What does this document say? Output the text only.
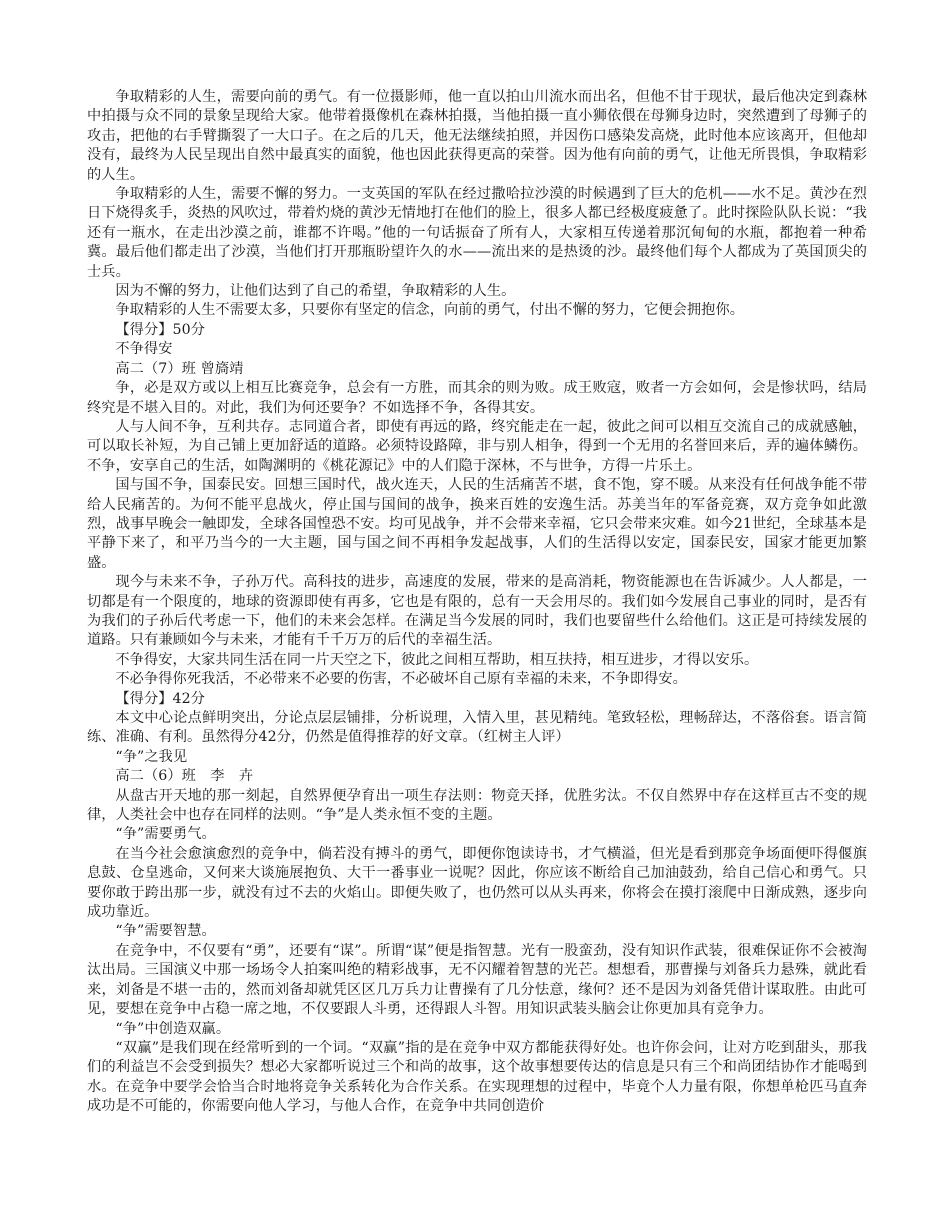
争取精彩的人生，需要向前的勇气。有一位摄影师，他一直以拍山川流水而出名，但他不甘于现状，最后他决定到森林中拍摄与众不同的景象呈现给大家。他带着摄像机在森林拍摄，当他拍摄一直小狮依偎在母狮身边时，突然遭到了母狮子的攻击，把他的右手臂撕裂了一大口子。在之后的几天，他无法继续拍照，并因伤口感染发高烧，此时他本应该离开，但他却没有，最终为人民呈现出自然中最真实的面貌，他也因此获得更高的荣誉。因为他有向前的勇气，让他无所畏惧，争取精彩的人生。

争取精彩的人生，需要不懈的努力。一支英国的军队在经过撒哈拉沙漠的时候遇到了巨大的危机——水不足。黄沙在烈日下烧得炙手，炎热的风吹过，带着灼烧的黄沙无情地打在他们的脸上，很多人都已经极度疲惫了。此时探险队队长说：“我还有一瓶水，在走出沙漠之前，谁都不许喝。”他的一句话振奋了所有人，大家相互传递着那沉甸甸的水瓶，都抱着一种希冀。最后他们都走出了沙漠，当他们打开那瓶盼望许久的水——流出来的是热烫的沙。最终他们每个人都成为了英国顶尖的士兵。

因为不懈的努力，让他们达到了自己的希望，争取精彩的人生。

争取精彩的人生不需要太多，只要你有坚定的信念，向前的勇气，付出不懈的努力，它便会拥抱你。

【得分】50分

不争得安

高二（7）班 曾旖靖

争，必是双方或以上相互比赛竞争，总会有一方胜，而其余的则为败。成王败寇，败者一方会如何，会是惨状吗，结局终究是不堪入目的。对此，我们为何还要争？不如选择不争，各得其安。

人与人间不争，互利共存。志同道合者，即使有再远的路，终究能走在一起，彼此之间可以相互交流自己的成就感触，可以取长补短，为自己铺上更加舒适的道路。必须特设路障，非与别人相争，得到一个无用的名誉回来后，弄的遍体鳞伤。不争，安享自己的生活，如陶渊明的《桃花源记》中的人们隐于深林，不与世争，方得一片乐土。

国与国不争，国泰民安。回想三国时代，战火连天，人民的生活痛苦不堪，食不饱，穿不暖。从来没有任何战争能不带给人民痛苦的。为何不能平息战火，停止国与国间的战争，换来百姓的安逸生活。苏美当年的军备竞赛，双方竞争如此激烈，战事早晚会一触即发，全球各国惶恐不安。均可见战争，并不会带来幸福，它只会带来灾难。如今21世纪，全球基本是平静下来了，和平乃当今的一大主题，国与国之间不再相争发起战事，人们的生活得以安定，国泰民安，国家才能更加繁盛。

现今与未来不争，子孙万代。高科技的进步，高速度的发展，带来的是高消耗，物资能源也在告诉减少。人人都是，一切都是有一个限度的，地球的资源即使有再多，它也是有限的，总有一天会用尽的。我们如今发展自己事业的同时，是否有为我们的子孙后代考虑一下，他们的未来会怎样。在满足当今发展的同时，我们也要留些什么给他们。这正是可持续发展的道路。只有兼顾如今与未来，才能有千千万万的后代的幸福生活。

不争得安，大家共同生活在同一片天空之下，彼此之间相互帮助，相互扶持，相互进步，才得以安乐。

不必争得你死我活，不必带来不必要的伤害，不必破坏自己原有幸福的未来，不争即得安。

【得分】42分

本文中心论点鲜明突出，分论点层层铺排，分析说理，入情入里，甚见精纯。笔致轻松，理畅辞达，不落俗套。语言简练、准确、有利。虽然得分42分，仍然是值得推荐的好文章。（红树主人评）

“争”之我见

高二（6）班　李　卉

从盘古开天地的那一刻起，自然界便孕育出一项生存法则：物竞天择，优胜劣汰。不仅自然界中存在这样亘古不变的规律，人类社会中也存在同样的法则。“争”是人类永恒不变的主题。

“争”需要勇气。

在当今社会愈演愈烈的竞争中，倘若没有搏斗的勇气，即便你饱读诗书，才气横溢，但光是看到那竞争场面便吓得偃旗息鼓、仓皇逃命，又何来大谈施展抱负、大干一番事业一说呢？因此，你应该不断给自己加油鼓劲，给自己信心和勇气。只要你敢于跨出那一步，就没有过不去的火焰山。即便失败了，也仍然可以从头再来，你将会在摸打滚爬中日渐成熟，逐步向成功靠近。

“争”需要智慧。

在竞争中，不仅要有“勇”，还要有“谋”。所谓“谋”便是指智慧。光有一股蛮劲，没有知识作武装，很难保证你不会被淘汰出局。三国演义中那一场场令人拍案叫绝的精彩战事，无不闪耀着智慧的光芒。想想看，那曹操与刘备兵力悬殊，就此看来，刘备是不堪一击的，然而刘备却就凭区区几万兵力让曹操有了几分怯意，缘何？还不是因为刘备凭借计谋取胜。由此可见，要想在竞争中占稳一席之地，不仅要跟人斗勇，还得跟人斗智。用知识武装头脑会让你更加具有竞争力。

“争”中创造双赢。

“双赢”是我们现在经常听到的一个词。“双赢”指的是在竞争中双方都能获得好处。也许你会问，让对方吃到甜头，那我们的利益岂不会受到损失？想必大家都听说过三个和尚的故事，这个故事想要传达的信息是只有三个和尚团结协作才能喝到水。在竞争中要学会恰当合时地将竞争关系转化为合作关系。在实现理想的过程中，毕竟个人力量有限，你想单枪匹马直奔成功是不可能的，你需要向他人学习，与他人合作，在竞争中共同创造价
